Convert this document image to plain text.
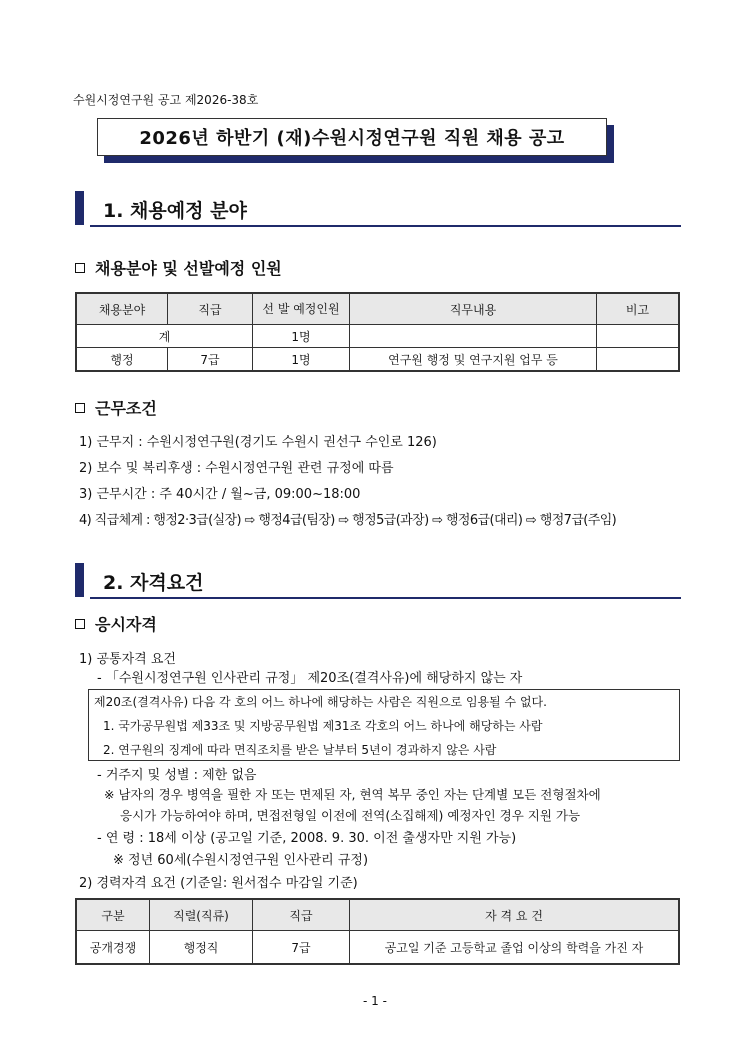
수원시정연구원 공고 제2026-38호
2026년 하반기 (재)수원시정연구원 직원 채용 공고
1. 채용예정 분야
채용분야 및 선발예정 인원
채용분야	직급	선 발 예정인원	직무내용	비고
계		1명		
행정	7급	1명	연구원 행정 및 연구지원 업무 등	
근무조건
1) 근무지 : 수원시정연구원(경기도 수원시 권선구 수인로 126)
2) 보수 및 복리후생 : 수원시정연구원 관련 규정에 따름
3) 근무시간 : 주 40시간 / 월~금, 09:00~18:00
4) 직급체계 : 행정2·3급(실장) ⇨ 행정4급(팀장) ⇨ 행정5급(과장) ⇨ 행정6급(대리) ⇨ 행정7급(주임)
2. 자격요건
응시자격
1) 공통자격 요건
- 「수원시정연구원 인사관리 규정」 제20조(결격사유)에 해당하지 않는 자
제20조(결격사유) 다음 각 호의 어느 하나에 해당하는 사람은 직원으로 임용될 수 없다.
1. 국가공무원법 제33조 및 지방공무원법 제31조 각호의 어느 하나에 해당하는 사람
2. 연구원의 징계에 따라 면직조치를 받은 날부터 5년이 경과하지 않은 사람
- 거주지 및 성별 : 제한 없음
※ 남자의 경우 병역을 필한 자 또는 면제된 자, 현역 복무 중인 자는 단계별 모든 전형절차에
응시가 가능하여야 하며, 면접전형일 이전에 전역(소집해제) 예정자인 경우 지원 가능
- 연 령 : 18세 이상 (공고일 기준, 2008. 9. 30. 이전 출생자만 지원 가능)
※ 정년 60세(수원시정연구원 인사관리 규정)
2) 경력자격 요건 (기준일: 원서접수 마감일 기준)
구분	직렬(직류)	직급	자 격 요 건
공개경쟁	행정직	7급	공고일 기준 고등학교 졸업 이상의 학력을 가진 자
- 1 -
